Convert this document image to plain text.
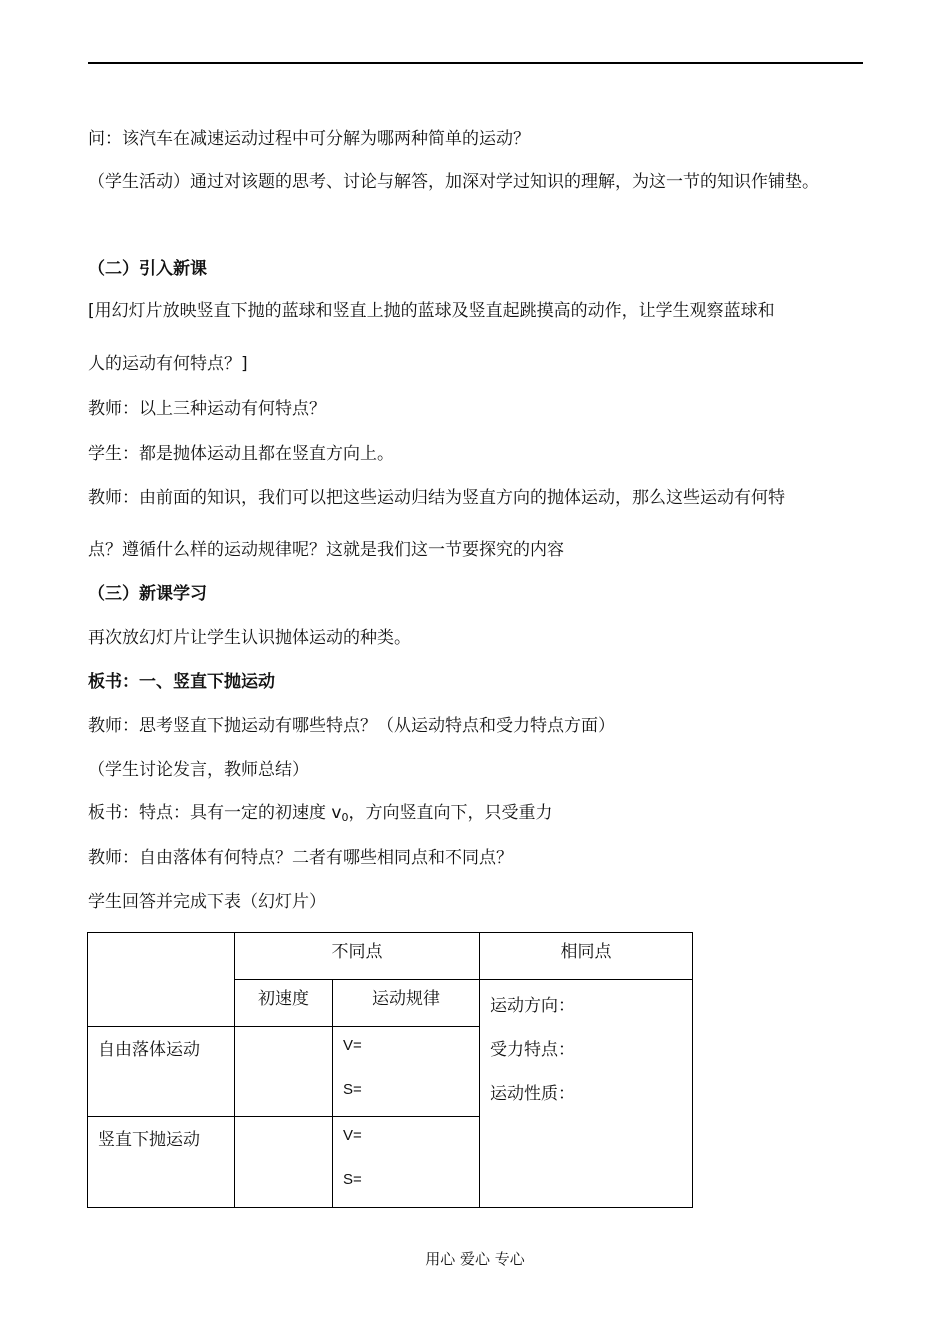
问：该汽车在减速运动过程中可分解为哪两种简单的运动？
（学生活动）通过对该题的思考、讨论与解答，加深对学过知识的理解，为这一节的知识作铺垫。
（二）引入新课
[用幻灯片放映竖直下抛的蓝球和竖直上抛的蓝球及竖直起跳摸高的动作，让学生观察蓝球和
人的运动有何特点？]
教师：以上三种运动有何特点？
学生：都是抛体运动且都在竖直方向上。
教师：由前面的知识，我们可以把这些运动归结为竖直方向的抛体运动，那么这些运动有何特
点？遵循什么样的运动规律呢？这就是我们这一节要探究的内容
（三）新课学习
再次放幻灯片让学生认识抛体运动的种类。
板书：一、竖直下抛运动
教师：思考竖直下抛运动有哪些特点？（从运动特点和受力特点方面）
（学生讨论发言，教师总结）
板书：特点：具有一定的初速度 $v_0$，方向竖直向下，只受重力
教师：自由落体有何特点？二者有哪些相同点和不同点？
学生回答并完成下表（幻灯片）
	不同点		相同点
	初速度	运动规律	运动方向：
受力特点：
运动性质：

自由落体运动		V=
S=	

竖直下抛运动		V=
S=	
用心 爱心 专心
